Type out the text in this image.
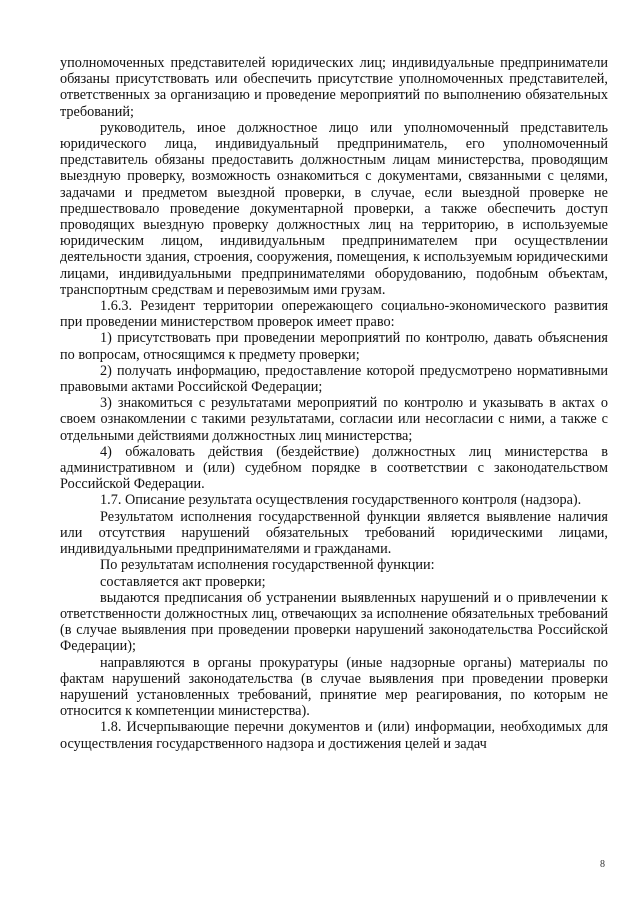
уполномоченных представителей юридических лиц; индивидуальные предприниматели обязаны присутствовать или обеспечить присутствие уполномоченных представителей, ответственных за организацию и проведение мероприятий по выполнению обязательных требований;

руководитель, иное должностное лицо или уполномоченный представитель юридического лица, индивидуальный предприниматель, его уполномоченный представитель обязаны предоставить должностным лицам министерства, проводящим выездную проверку, возможность ознакомиться с документами, связанными с целями, задачами и предметом выездной проверки, в случае, если выездной проверке не предшествовало проведение документарной проверки, а также обеспечить доступ проводящих выездную проверку должностных лиц на территорию, в используемые юридическим лицом, индивидуальным предпринимателем при осуществлении деятельности здания, строения, сооружения, помещения, к используемым юридическими лицами, индивидуальными предпринимателями оборудованию, подобным объектам, транспортным средствам и перевозимым ими грузам.

1.6.3. Резидент территории опережающего социально-экономического развития при проведении министерством проверок имеет право:

1) присутствовать при проведении мероприятий по контролю, давать объяснения по вопросам, относящимся к предмету проверки;

2) получать информацию, предоставление которой предусмотрено нормативными правовыми актами Российской Федерации;

3) знакомиться с результатами мероприятий по контролю и указывать в актах о своем ознакомлении с такими результатами, согласии или несогласии с ними, а также с отдельными действиями должностных лиц министерства;

4) обжаловать действия (бездействие) должностных лиц министерства в административном и (или) судебном порядке в соответствии с законодательством Российской Федерации.

1.7. Описание результата осуществления государственного контроля (надзора).

Результатом исполнения государственной функции является выявление наличия или отсутствия нарушений обязательных требований юридическими лицами, индивидуальными предпринимателями и гражданами.

По результатам исполнения государственной функции:

составляется акт проверки;

выдаются предписания об устранении выявленных нарушений и о привлечении к ответственности должностных лиц, отвечающих за исполнение обязательных требований (в случае выявления при проведении проверки нарушений законодательства Российской Федерации);

направляются в органы прокуратуры (иные надзорные органы) материалы по фактам нарушений законодательства (в случае выявления при проведении проверки нарушений установленных требований, принятие мер реагирования, по которым не относится к компетенции министерства).

1.8. Исчерпывающие перечни документов и (или) информации, необходимых для осуществления государственного надзора и достижения целей и задач

8
